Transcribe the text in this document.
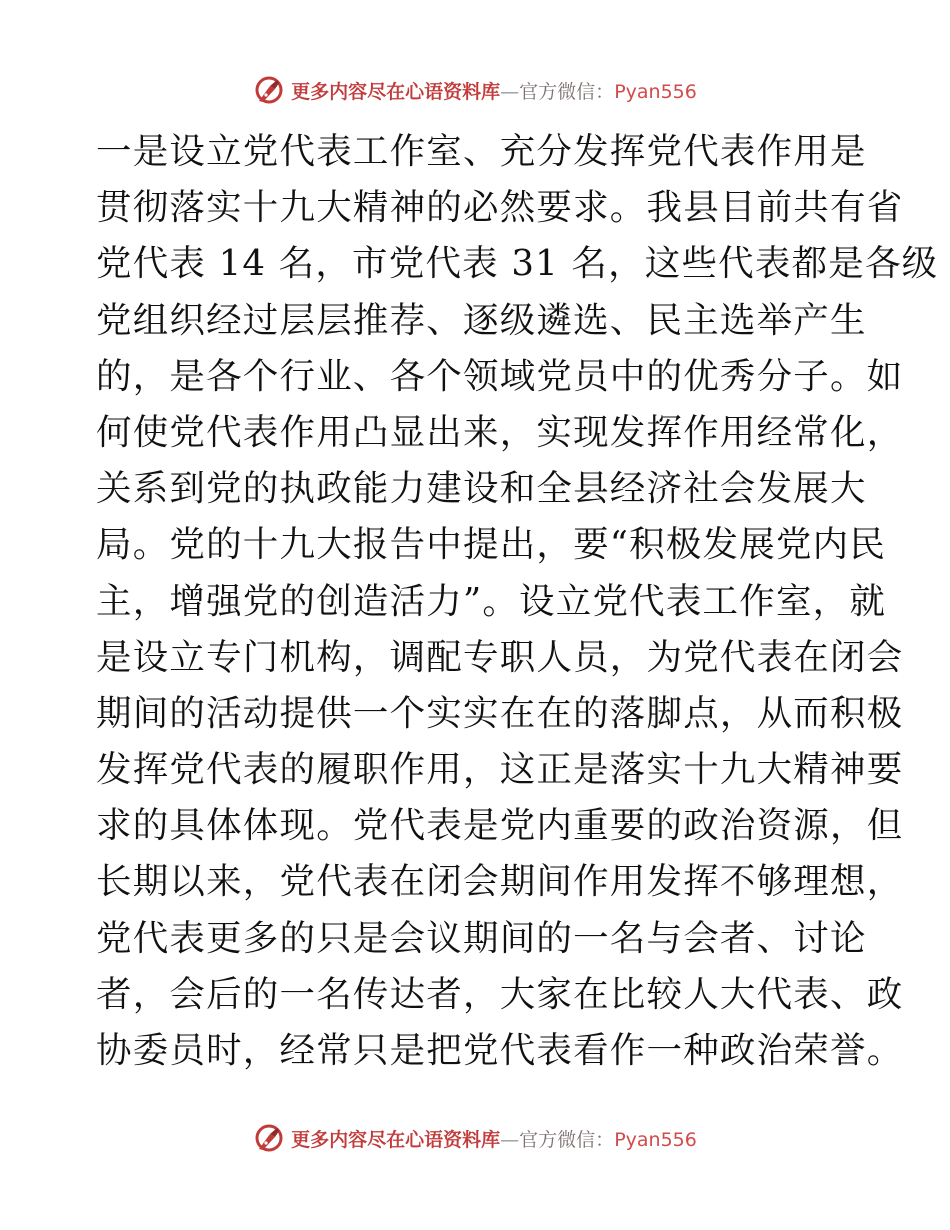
更多内容尽在心语资料库—官方微信：Pyan556
一是设立党代表工作室、充分发挥党代表作用是
贯彻落实十九大精神的必然要求。我县目前共有省
党代表 14 名，市党代表 31 名，这些代表都是各级
党组织经过层层推荐、逐级遴选、民主选举产生
的，是各个行业、各个领域党员中的优秀分子。如
何使党代表作用凸显出来，实现发挥作用经常化，
关系到党的执政能力建设和全县经济社会发展大
局。党的十九大报告中提出，要“积极发展党内民
主，增强党的创造活力”。设立党代表工作室，就
是设立专门机构，调配专职人员，为党代表在闭会
期间的活动提供一个实实在在的落脚点，从而积极
发挥党代表的履职作用，这正是落实十九大精神要
求的具体体现。党代表是党内重要的政治资源，但
长期以来，党代表在闭会期间作用发挥不够理想，
党代表更多的只是会议期间的一名与会者、讨论
者，会后的一名传达者，大家在比较人大代表、政
协委员时，经常只是把党代表看作一种政治荣誉。
更多内容尽在心语资料库—官方微信：Pyan556
